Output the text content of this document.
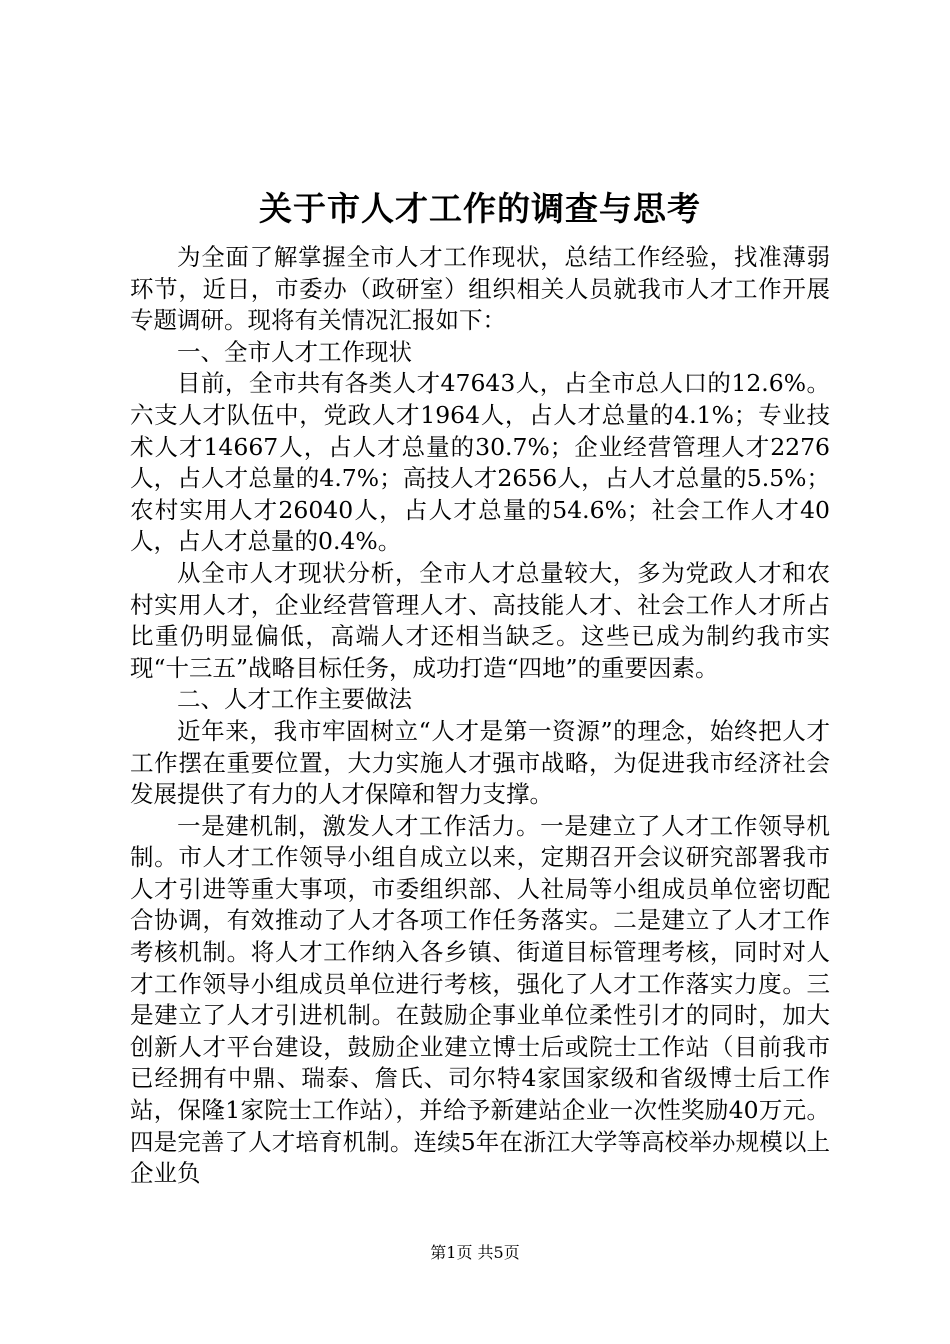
关于市人才工作的调查与思考

为全面了解掌握全市人才工作现状，总结工作经验，找准薄弱环节，近日，市委办（政研室）组织相关人员就我市人才工作开展专题调研。现将有关情况汇报如下：

一、全市人才工作现状

目前，全市共有各类人才47643人，占全市总人口的12.6%。六支人才队伍中，党政人才1964人，占人才总量的4.1%；专业技术人才14667人，占人才总量的30.7%；企业经营管理人才2276人，占人才总量的4.7%；高技人才2656人，占人才总量的5.5%；农村实用人才26040人，占人才总量的54.6%；社会工作人才40人，占人才总量的0.4%。

从全市人才现状分析，全市人才总量较大，多为党政人才和农村实用人才，企业经营管理人才、高技能人才、社会工作人才所占比重仍明显偏低，高端人才还相当缺乏。这些已成为制约我市实现“十三五”战略目标任务，成功打造“四地”的重要因素。

二、人才工作主要做法

近年来，我市牢固树立“人才是第一资源”的理念，始终把人才工作摆在重要位置，大力实施人才强市战略，为促进我市经济社会发展提供了有力的人才保障和智力支撑。

一是建机制，激发人才工作活力。一是建立了人才工作领导机制。市人才工作领导小组自成立以来，定期召开会议研究部署我市人才引进等重大事项，市委组织部、人社局等小组成员单位密切配合协调，有效推动了人才各项工作任务落实。二是建立了人才工作考核机制。将人才工作纳入各乡镇、街道目标管理考核，同时对人才工作领导小组成员单位进行考核，强化了人才工作落实力度。三是建立了人才引进机制。在鼓励企事业单位柔性引才的同时，加大创新人才平台建设，鼓励企业建立博士后或院士工作站（目前我市已经拥有中鼎、瑞泰、詹氏、司尔特4家国家级和省级博士后工作站，保隆1家院士工作站），并给予新建站企业一次性奖励40万元。四是完善了人才培育机制。连续5年在浙江大学等高校举办规模以上企业负

第1页 共5页
